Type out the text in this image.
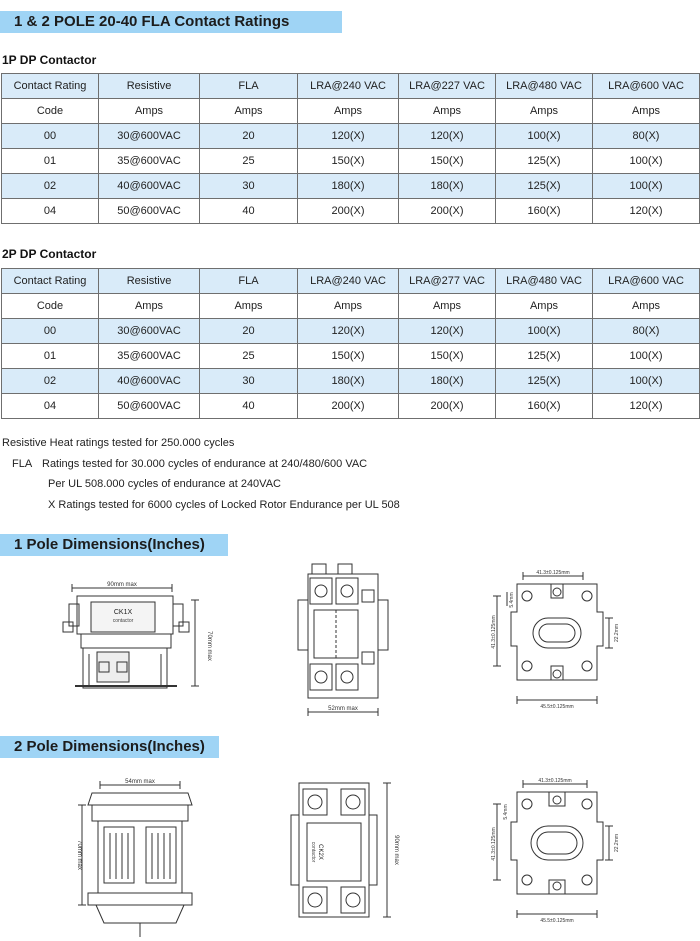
1 & 2 POLE 20-40 FLA Contact Ratings
1P DP Contactor
Contact Rating	Resistive	FLA	LRA@240 VAC	LRA@227 VAC	LRA@480 VAC	LRA@600 VAC
Code	Amps	Amps	Amps	Amps	Amps	Amps
00	30@600VAC	20	120(X)	120(X)	100(X)	80(X)
01	35@600VAC	25	150(X)	150(X)	125(X)	100(X)
02	40@600VAC	30	180(X)	180(X)	125(X)	100(X)
04	50@600VAC	40	200(X)	200(X)	160(X)	120(X)
2P DP Contactor
Contact Rating	Resistive	FLA	LRA@240 VAC	LRA@277 VAC	LRA@480 VAC	LRA@600 VAC
Code	Amps	Amps	Amps	Amps	Amps	Amps
00	30@600VAC	20	120(X)	120(X)	100(X)	80(X)
01	35@600VAC	25	150(X)	150(X)	125(X)	100(X)
02	40@600VAC	30	180(X)	180(X)	125(X)	100(X)
04	50@600VAC	40	200(X)	200(X)	160(X)	120(X)
Resistive Heat ratings tested for 250.000 cycles
FLA Ratings tested for 30.000 cycles of endurance at 240/480/600 VAC
Per UL 508.000 cycles of endurance at 240VAC
X Ratings tested for 6000 cycles of Locked Rotor Endurance per UL 508
1 Pole Dimensions(Inches)
90mm max
CK1X
contactor
70mm max
52mm max
41.3±0.125mm
41.3±0.125mm
5.4mm
22.2mm
45.5±0.125mm
2 Pole Dimensions(Inches)
54mm max
70mm max	CK2X
contactor	90mm max
41.3±0.125mm
41.3±0.125mm
5.4mm
22.2mm
45.5±0.125mm
